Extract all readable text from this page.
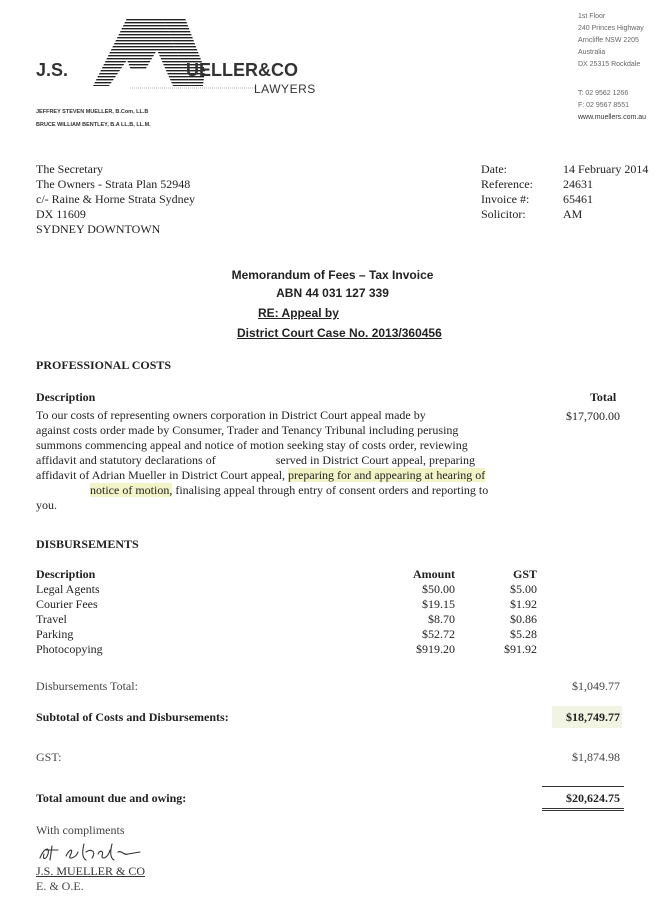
J.S.	UELLER&CO
LAWYERS
JEFFREY STEVEN MUELLER, B.Com, LL.B
BRUCE WILLIAM BENTLEY, B.A LL.B, LL.M.
1st Floor
240 Princes Highway
Arncliffe NSW 2205
Australia
DX 25315 Rockdale
T: 02 9562 1266
F: 02 9567 8551
www.muellers.com.au
The Secretary
The Owners - Strata Plan 52948
c/- Raine & Horne Strata Sydney
DX 11609
SYDNEY DOWNTOWN
Date:	14 February 2014
Reference:	24631
Invoice #:	65461
Solicitor:	AM
Memorandum of Fees – Tax Invoice
ABN 44 031 127 339
RE: Appeal by
District Court Case No. 2013/360456
PROFESSIONAL COSTS
Description	Total
To our costs of representing owners corporation in District Court appeal made by
against costs order made by Consumer, Trader and Tenancy Tribunal including perusing
summons commencing appeal and notice of motion seeking stay of costs order, reviewing
affidavit and statutory declarations of                    served in District Court appeal, preparing
affidavit of Adrian Mueller in District Court appeal, preparing for and appearing at hearing of
notice of motion, finalising appeal through entry of consent orders and reporting to
you.
$17,700.00
DISBURSEMENTS
Description	Amount	GST
Legal Agents	$50.00	$5.00
Courier Fees	$19.15	$1.92
Travel	$8.70	$0.86
Parking	$52.72	$5.28
Photocopying	$919.20	$91.92
Disbursements Total:	$1,049.77
Subtotal of Costs and Disbursements:	$18,749.77
GST:	$1,874.98
Total amount due and owing:	$20,624.75
With compliments
J.S. MUELLER & CO
E. & O.E.
